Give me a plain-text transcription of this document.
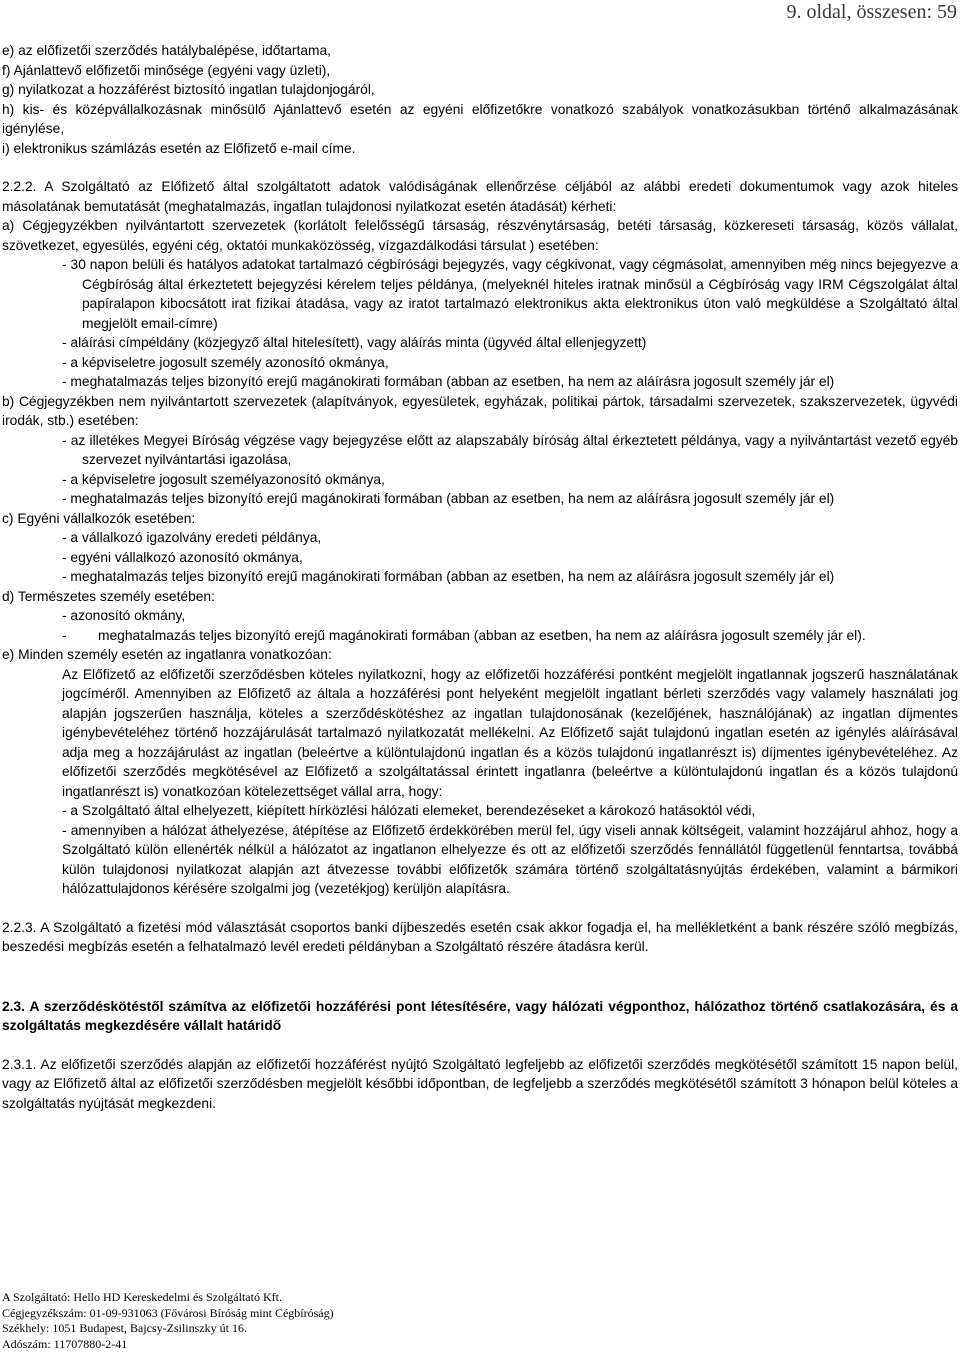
9. oldal, összesen: 59

e) az előfizetői szerződés hatálybalépése, időtartama,

f) Ajánlattevő előfizetői minősége (egyéni vagy üzleti),

g) nyilatkozat a hozzáférést biztosító ingatlan tulajdonjogáról,

h) kis- és középvállalkozásnak minősülő Ajánlattevő esetén az egyéni előfizetőkre vonatkozó szabályok vonatkozásukban történő alkalmazásának igénylése,

i) elektronikus számlázás esetén az Előfizető e-mail címe.

2.2.2. A Szolgáltató az Előfizető által szolgáltatott adatok valódiságának ellenőrzése céljából az alábbi eredeti dokumentumok vagy azok hiteles másolatának bemutatását (meghatalmazás, ingatlan tulajdonosi nyilatkozat esetén átadását) kérheti:

a) Cégjegyzékben nyilvántartott szervezetek (korlátolt felelősségű társaság, részvénytársaság, betéti társaság, közkereseti társaság, közös vállalat, szövetkezet, egyesülés, egyéni cég, oktatói munkaközösség, vízgazdálkodási társulat ) esetében:

- 30 napon belüli és hatályos adatokat tartalmazó cégbírósági bejegyzés, vagy cégkivonat, vagy cégmásolat, amennyiben még nincs bejegyezve a Cégbíróság által érkeztetett bejegyzési kérelem teljes példánya, (melyeknél hiteles iratnak minősül a Cégbíróság vagy IRM Cégszolgálat által papíralapon kibocsátott irat fizikai átadása, vagy az iratot tartalmazó elektronikus akta elektronikus úton való megküldése a Szolgáltató által megjelölt email-címre)

- aláírási címpéldány (közjegyző által hitelesített), vagy aláírás minta (ügyvéd által ellenjegyzett)

- a képviseletre jogosult személy azonosító okmánya,

- meghatalmazás teljes bizonyító erejű magánokirati formában (abban az esetben, ha nem az aláírásra jogosult személy jár el)

b) Cégjegyzékben nem nyilvántartott szervezetek (alapítványok, egyesületek, egyházak, politikai pártok, társadalmi szervezetek, szakszervezetek, ügyvédi irodák, stb.) esetében:

- az illetékes Megyei Bíróság végzése vagy bejegyzése előtt az alapszabály bíróság által érkeztetett példánya, vagy a nyilvántartást vezető egyéb szervezet nyilvántartási igazolása,

- a képviseletre jogosult személyazonosító okmánya,

- meghatalmazás teljes bizonyító erejű magánokirati formában (abban az esetben, ha nem az aláírásra jogosult személy jár el)

c) Egyéni vállalkozók esetében:

- a vállalkozó igazolvány eredeti példánya,

- egyéni vállalkozó azonosító okmánya,

- meghatalmazás teljes bizonyító erejű magánokirati formában (abban az esetben, ha nem az aláírásra jogosult személy jár el)

d) Természetes személy esetében:

- azonosító okmány,

- meghatalmazás teljes bizonyító erejű magánokirati formában (abban az esetben, ha nem az aláírásra jogosult személy jár el).

e) Minden személy esetén az ingatlanra vonatkozóan:

Az Előfizető az előfizetői szerződésben köteles nyilatkozni, hogy az előfizetői hozzáférési pontként megjelölt ingatlannak jogszerű használatának jogcíméről. Amennyiben az Előfizető az általa a hozzáférési pont helyeként megjelölt ingatlant bérleti szerződés vagy valamely használati jog alapján jogszerűen használja, köteles a szerződéskötéshez az ingatlan tulajdonosának (kezelőjének, használójának) az ingatlan díjmentes igénybevételéhez történő hozzájárulását tartalmazó nyilatkozatát mellékelni. Az Előfizető saját tulajdonú ingatlan esetén az igénylés aláírásával adja meg a hozzájárulást az ingatlan (beleértve a különtulajdonú ingatlan és a közös tulajdonú ingatlanrészt is) díjmentes igénybevételéhez. Az előfizetői szerződés megkötésével az Előfizető a szolgáltatással érintett ingatlanra (beleértve a különtulajdonú ingatlan és a közös tulajdonú ingatlanrészt is) vonatkozóan kötelezettséget vállal arra, hogy:

- a Szolgáltató által elhelyezett, kiépített hírközlési hálózati elemeket, berendezéseket a károkozó hatásoktól védi,

- amennyiben a hálózat áthelyezése, átépítése az Előfizető érdekkörében merül fel, úgy viseli annak költségeit, valamint hozzájárul ahhoz, hogy a Szolgáltató külön ellenérték nélkül a hálózatot az ingatlanon elhelyezze és ott az előfizetői szerződés fennállától függetlenül fenntartsa, továbbá külön tulajdonosi nyilatkozat alapján azt átvezesse további előfizetők számára történő szolgáltatásnyújtás érdekében, valamint a bármikori hálózattulajdonos kérésére szolgalmi jog (vezetékjog) kerüljön alapításra.

2.2.3. A Szolgáltató a fizetési mód választását csoportos banki díjbeszedés esetén csak akkor fogadja el, ha mellékletként a bank részére szóló megbízás, beszedési megbízás esetén a felhatalmazó levél eredeti példányban a Szolgáltató részére átadásra kerül.

2.3. A szerződéskötéstől számítva az előfizetői hozzáférési pont létesítésére, vagy hálózati végponthoz, hálózathoz történő csatlakozására, és a szolgáltatás megkezdésére vállalt határidő

2.3.1. Az előfizetői szerződés alapján az előfizetői hozzáférést nyújtó Szolgáltató legfeljebb az előfizetői szerződés megkötésétől számított 15 napon belül, vagy az Előfizető által az előfizetői szerződésben megjelölt későbbi időpontban, de legfeljebb a szerződés megkötésétől számított 3 hónapon belül köteles a szolgáltatás nyújtását megkezdeni.

A Szolgáltató: Hello HD Kereskedelmi és Szolgáltató Kft.
Cégjegyzékszám: 01-09-931063 (Fővárosi Bíróság mint Cégbíróság)
Székhely: 1051 Budapest, Bajcsy-Zsilinszky út 16.
Adószám: 11707880-2-41
